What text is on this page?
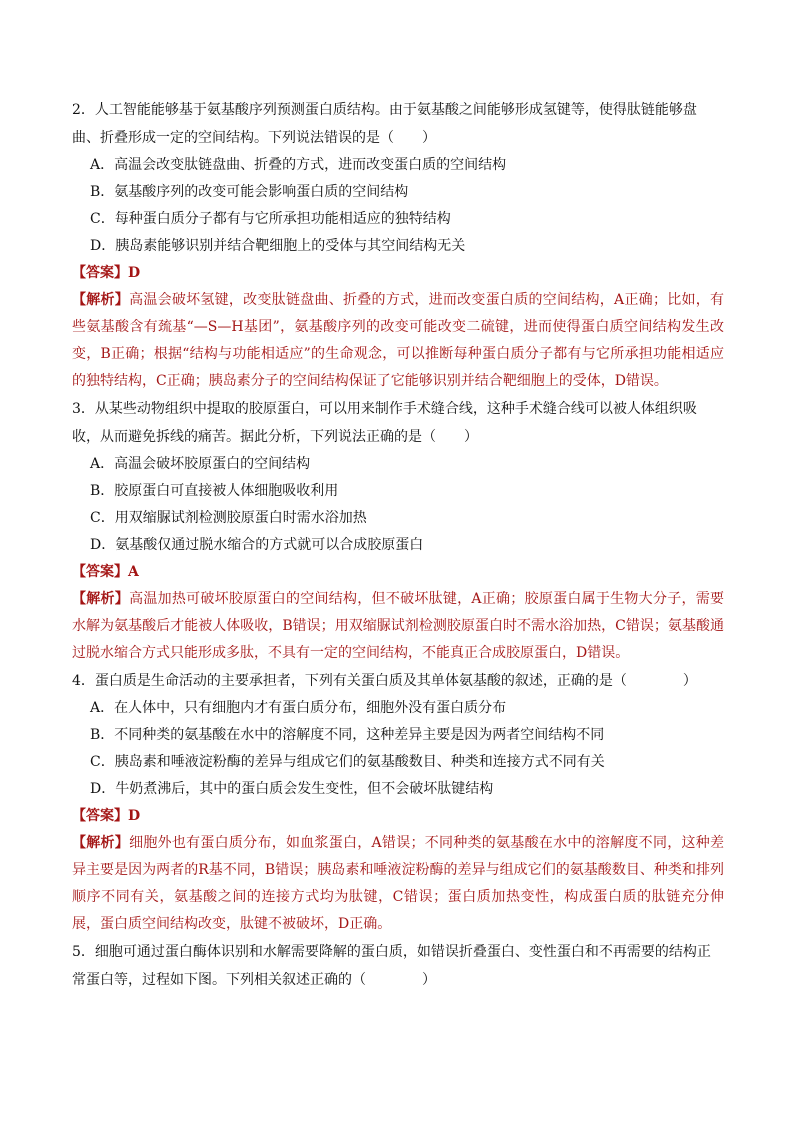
2．人工智能能够基于氨基酸序列预测蛋白质结构。由于氨基酸之间能够形成氢键等，使得肽链能够盘曲、折叠形成一定的空间结构。下列说法错误的是（　　）

A．高温会改变肽链盘曲、折叠的方式，进而改变蛋白质的空间结构

B．氨基酸序列的改变可能会影响蛋白质的空间结构

C．每种蛋白质分子都有与它所承担功能相适应的独特结构

D．胰岛素能够识别并结合靶细胞上的受体与其空间结构无关

【答案】D

【解析】高温会破坏氢键，改变肽链盘曲、折叠的方式，进而改变蛋白质的空间结构，A正确；比如，有些氨基酸含有巯基“—S—H基团”，氨基酸序列的改变可能改变二硫键，进而使得蛋白质空间结构发生改变，B正确；根据“结构与功能相适应”的生命观念，可以推断每种蛋白质分子都有与它所承担功能相适应的独特结构，C正确；胰岛素分子的空间结构保证了它能够识别并结合靶细胞上的受体，D错误。

3．从某些动物组织中提取的胶原蛋白，可以用来制作手术缝合线，这种手术缝合线可以被人体组织吸收，从而避免拆线的痛苦。据此分析，下列说法正确的是（　　）

A．高温会破坏胶原蛋白的空间结构

B．胶原蛋白可直接被人体细胞吸收利用

C．用双缩脲试剂检测胶原蛋白时需水浴加热

D．氨基酸仅通过脱水缩合的方式就可以合成胶原蛋白

【答案】A

【解析】高温加热可破坏胶原蛋白的空间结构，但不破坏肽键，A正确；胶原蛋白属于生物大分子，需要水解为氨基酸后才能被人体吸收，B错误；用双缩脲试剂检测胶原蛋白时不需水浴加热，C错误；氨基酸通过脱水缩合方式只能形成多肽，不具有一定的空间结构，不能真正合成胶原蛋白，D错误。

4．蛋白质是生命活动的主要承担者，下列有关蛋白质及其单体氨基酸的叙述，正确的是（　　　　）

A．在人体中，只有细胞内才有蛋白质分布，细胞外没有蛋白质分布

B．不同种类的氨基酸在水中的溶解度不同，这种差异主要是因为两者空间结构不同

C．胰岛素和唾液淀粉酶的差异与组成它们的氨基酸数目、种类和连接方式不同有关

D．牛奶煮沸后，其中的蛋白质会发生变性，但不会破坏肽键结构

【答案】D

【解析】细胞外也有蛋白质分布，如血浆蛋白，A错误；不同种类的氨基酸在水中的溶解度不同，这种差异主要是因为两者的R基不同，B错误；胰岛素和唾液淀粉酶的差异与组成它们的氨基酸数目、种类和排列顺序不同有关，氨基酸之间的连接方式均为肽键，C错误；蛋白质加热变性，构成蛋白质的肽链充分伸展，蛋白质空间结构改变，肽键不被破坏，D正确。

5．细胞可通过蛋白酶体识别和水解需要降解的蛋白质，如错误折叠蛋白、变性蛋白和不再需要的结构正常蛋白等，过程如下图。下列相关叙述正确的（　　　　）
